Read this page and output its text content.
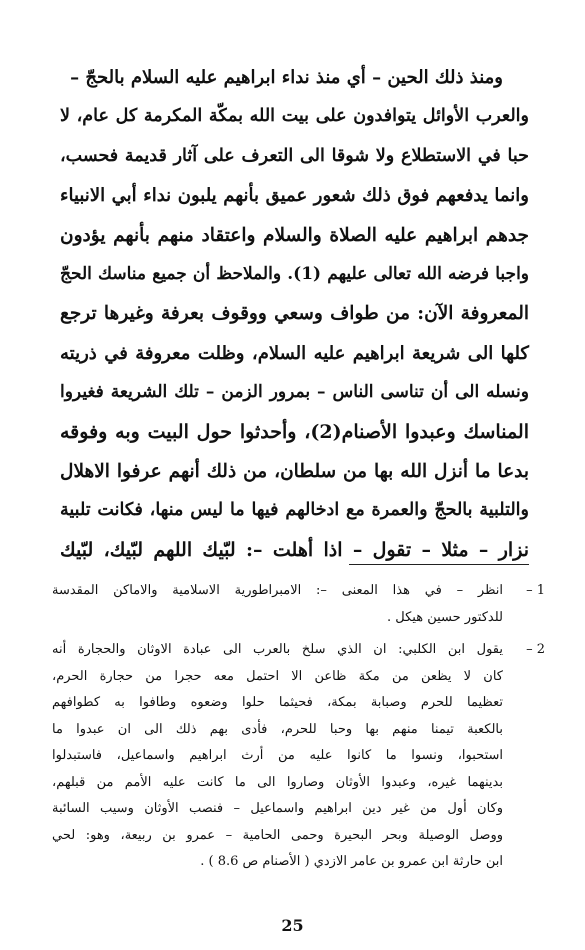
ومنذ ذلك الحين – أي منذ نداء ابراهيم عليه السلام بالحجّ –
والعرب الأوائل يتوافدون على بيت الله بمكّة المكرمة كل عام، لا
حبا في الاستطلاع ولا شوقا الى التعرف على آثار قديمة فحسب،
وانما يدفعهم فوق ذلك شعور عميق بأنهم يلبون نداء أبي الانبياء
جدهم ابراهيم عليه الصلاة والسلام واعتقاد منهم بأنهم يؤدون
واجبا فرضه الله تعالى عليهم (1). والملاحظ أن جميع مناسك الحجّ
المعروفة الآن: من طواف وسعي ووقوف بعرفة وغيرها ترجع
كلها الى شريعة ابراهيم عليه السلام، وظلت معروفة في ذريته
ونسله الى أن تناسى الناس – بمرور الزمن – تلك الشريعة فغيروا
المناسك وعبدوا الأصنام(2)، وأحدثوا حول البيت وبه وفوقه
بدعا ما أنزل الله بها من سلطان، من ذلك أنهم عرفوا الاهلال
والتلبية بالحجّ والعمرة مع ادخالهم فيها ما ليس منها، فكانت تلبية
نزار – مثلا – تقول – اذا أهلت –: لبّيك اللهم لبّيك، لبّيك
1 –
انظر – في هذا المعنى –: الامبراطورية الاسلامية والاماكن المقدسة
للدكتور حسين هيكل .
2 –
يقول ابن الكلبي: ان الذي سلخ بالعرب الى عبادة الاوثان والحجارة أنه
كان لا يظعن من مكة ظاعن الا احتمل معه حجرا من حجارة الحرم،
تعظيما للحرم وصبابة بمكة، فحيثما حلوا وضعوه وطافوا به كطوافهم
بالكعبة تيمنا منهم بها وحبا للحرم، فأدى بهم ذلك الى ان عبدوا ما
استحبوا، ونسوا ما كانوا عليه من أرث ابراهيم واسماعيل، فاستبدلوا
بدينهما غيره، وعبدوا الأوثان وصاروا الى ما كانت عليه الأمم من قبلهم،
وكان أول من غير دين ابراهيم واسماعيل – فنصب الأوثان وسيب السائبة
ووصل الوصيلة وبحر البحيرة وحمى الحامية – عمرو بن ربيعة، وهو: لحي
ابن حارثة ابن عمرو بن عامر الازدي ( الأصنام ص 8.6 ) .
25
